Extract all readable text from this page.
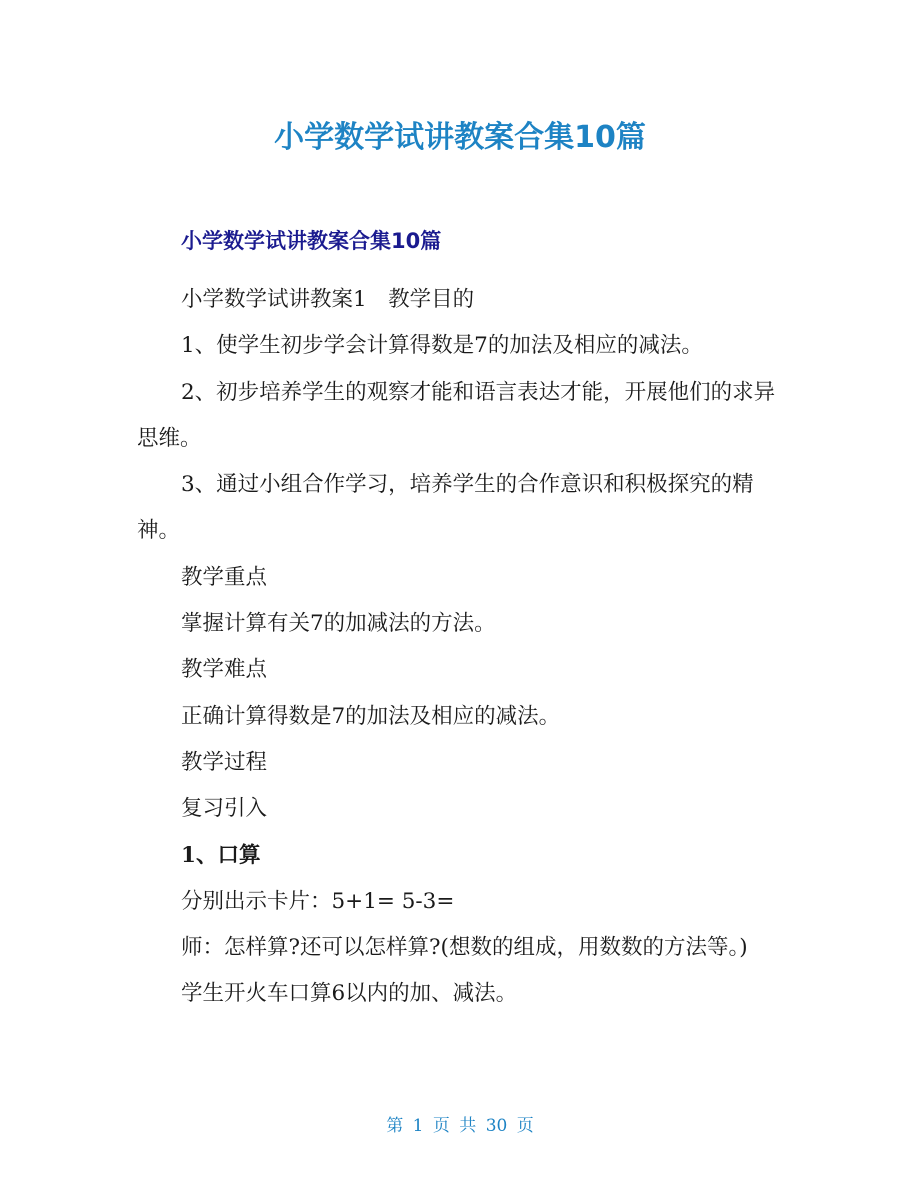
小学数学试讲教案合集10篇
小学数学试讲教案合集10篇

小学数学试讲教案1　教学目的

1、使学生初步学会计算得数是7的加法及相应的减法。

2、初步培养学生的观察才能和语言表达才能，开展他们的求异思维。

3、通过小组合作学习，培养学生的合作意识和积极探究的精神。

教学重点

掌握计算有关7的加减法的方法。

教学难点

正确计算得数是7的加法及相应的减法。

教学过程

复习引入

1、口算

分别出示卡片：5+1= 5-3=

师：怎样算?还可以怎样算?(想数的组成，用数数的方法等。)

学生开火车口算6以内的加、减法。

第 1 页 共 30 页
